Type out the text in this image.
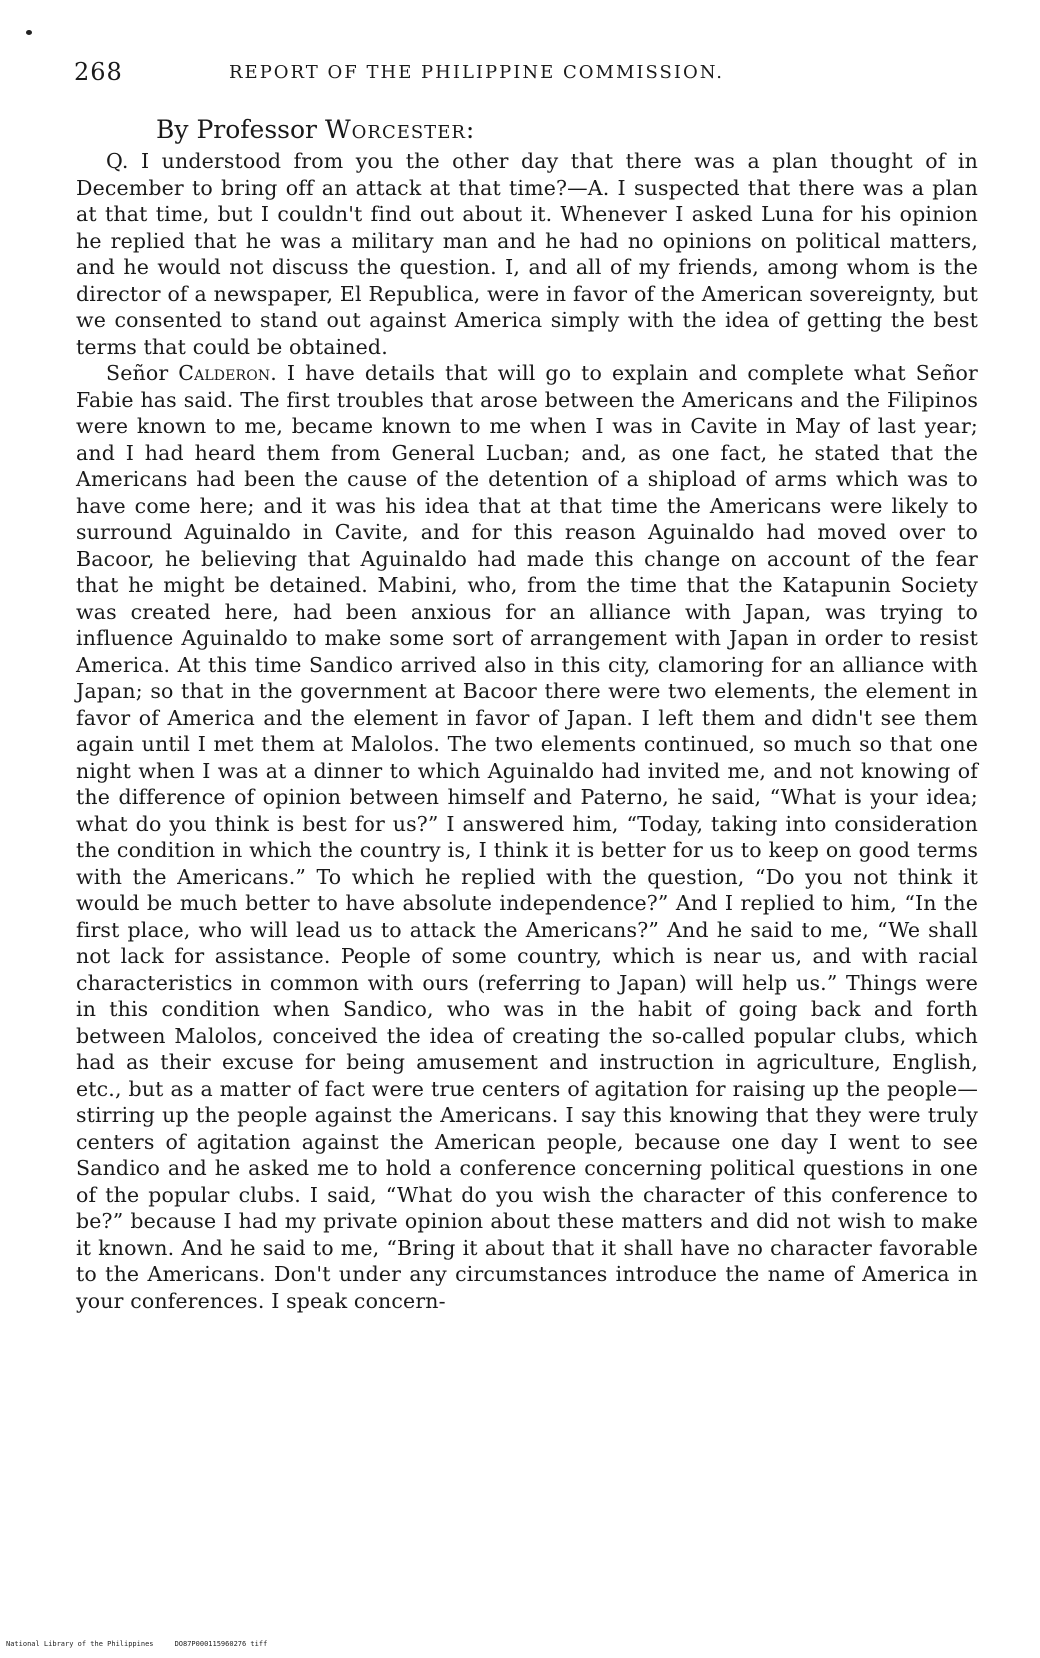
268	REPORT OF THE PHILIPPINE COMMISSION.
By Professor Worcester:

Q. I understood from you the other day that there was a plan thought of in December to bring off an attack at that time?—A. I suspected that there was a plan at that time, but I couldn't find out about it. Whenever I asked Luna for his opinion he replied that he was a military man and he had no opinions on political matters, and he would not discuss the question. I, and all of my friends, among whom is the director of a newspaper, El Republica, were in favor of the American sovereignty, but we consented to stand out against America simply with the idea of getting the best terms that could be obtained.

Señor Calderon. I have details that will go to explain and complete what Señor Fabie has said. The first troubles that arose between the Americans and the Filipinos were known to me, became known to me when I was in Cavite in May of last year; and I had heard them from General Lucban; and, as one fact, he stated that the Americans had been the cause of the detention of a shipload of arms which was to have come here; and it was his idea that at that time the Americans were likely to surround Aguinaldo in Cavite, and for this reason Aguinaldo had moved over to Bacoor, he believing that Aguinaldo had made this change on account of the fear that he might be detained. Mabini, who, from the time that the Katapunin Society was created here, had been anxious for an alliance with Japan, was trying to influence Aguinaldo to make some sort of arrangement with Japan in order to resist America. At this time Sandico arrived also in this city, clamoring for an alliance with Japan; so that in the government at Bacoor there were two elements, the element in favor of America and the element in favor of Japan. I left them and didn't see them again until I met them at Malolos. The two elements continued, so much so that one night when I was at a dinner to which Aguinaldo had invited me, and not knowing of the difference of opinion between himself and Paterno, he said, “What is your idea; what do you think is best for us?” I answered him, “Today, taking into consideration the condition in which the country is, I think it is better for us to keep on good terms with the Americans.” To which he replied with the question, “Do you not think it would be much better to have absolute independence?” And I replied to him, “In the first place, who will lead us to attack the Americans?” And he said to me, “We shall not lack for assistance. People of some country, which is near us, and with racial characteristics in common with ours (referring to Japan) will help us.” Things were in this condition when Sandico, who was in the habit of going back and forth between Malolos, conceived the idea of creating the so-called popular clubs, which had as their excuse for being amusement and instruction in agriculture, English, etc., but as a matter of fact were true centers of agitation for raising up the people—stirring up the people against the Americans. I say this knowing that they were truly centers of agitation against the American people, because one day I went to see Sandico and he asked me to hold a conference concerning political questions in one of the popular clubs. I said, “What do you wish the character of this conference to be?” because I had my private opinion about these matters and did not wish to make it known. And he said to me, “Bring it about that it shall have no character favorable to the Americans. Don't under any circumstances introduce the name of America in your conferences. I speak concern-

National Library of the Philippines     DO87P000115960276 tiff
